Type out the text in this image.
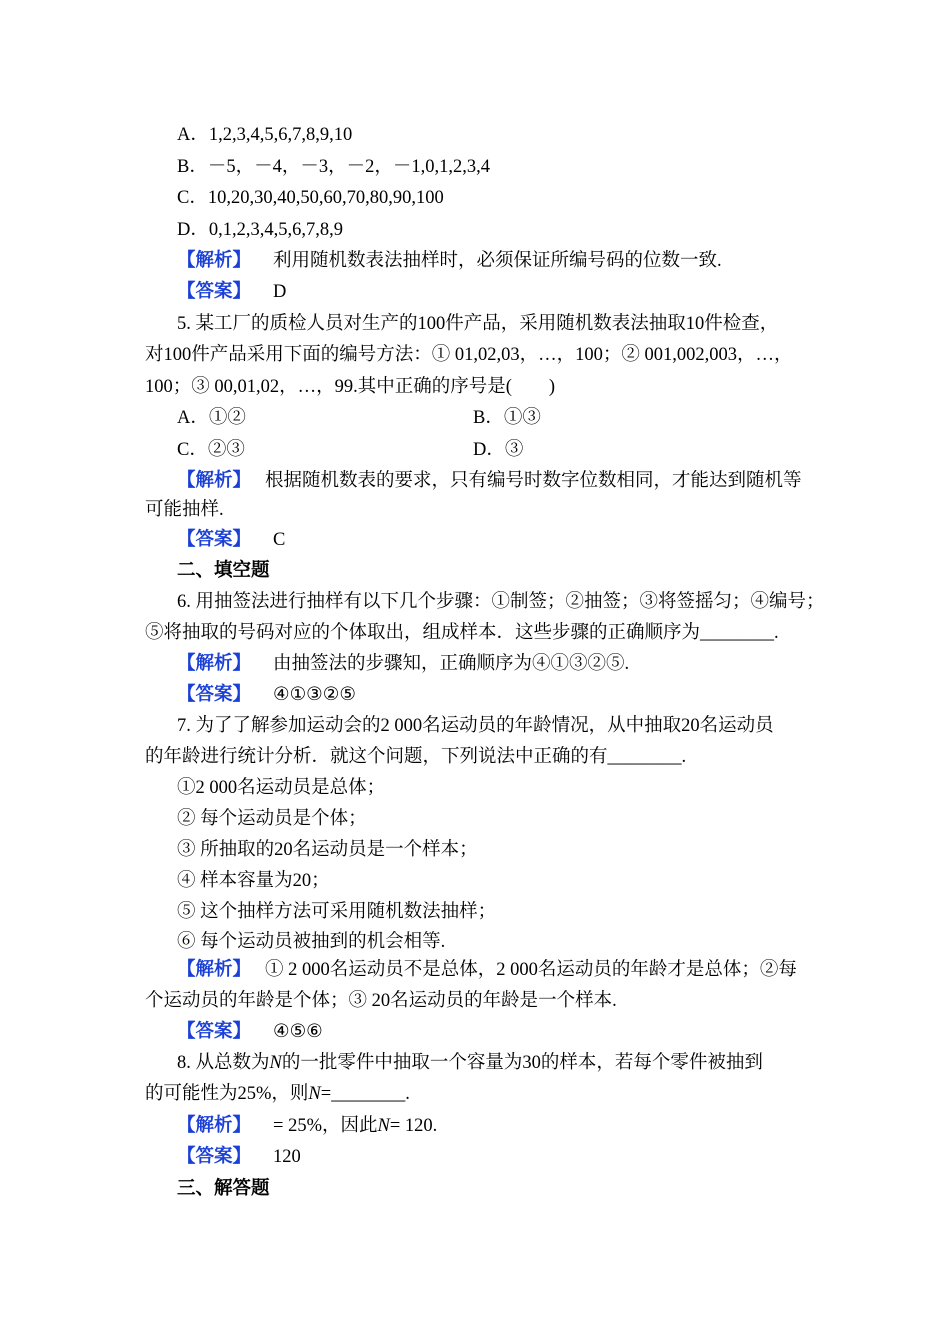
A．1,2,3,4,5,6,7,8,9,10
B．－5，－4，－3，－2，－1,0,1,2,3,4
C．10,20,30,40,50,60,70,80,90,100
D．0,1,2,3,4,5,6,7,8,9
【解析】 利用随机数表法抽样时，必须保证所编号码的位数一致.
【答案】 D
5. 某工厂的质检人员对生产的100件产品，采用随机数表法抽取10件检查，
对100件产品采用下面的编号方法：① 01,02,03，…，100；② 001,002,003，…，
100；③ 00,01,02，…，99.其中正确的序号是(　　)
A．①②	B．①③
C．②③	D．③
【解析】 根据随机数表的要求，只有编号时数字位数相同，才能达到随机等
可能抽样.
【答案】 C
二、填空题
6. 用抽签法进行抽样有以下几个步骤：①制签；②抽签；③将签摇匀；④编号；
⑤将抽取的号码对应的个体取出，组成样本．这些步骤的正确顺序为________.
【解析】 由抽签法的步骤知，正确顺序为④①③②⑤.
【答案】 ④①③②⑤
7. 为了了解参加运动会的2 000名运动员的年龄情况，从中抽取20名运动员
的年龄进行统计分析．就这个问题，下列说法中正确的有________.
①2 000名运动员是总体；
② 每个运动员是个体；
③ 所抽取的20名运动员是一个样本；
④ 样本容量为20；
⑤ 这个抽样方法可采用随机数法抽样；
⑥ 每个运动员被抽到的机会相等.
【解析】 ① 2 000名运动员不是总体，2 000名运动员的年龄才是总体；②每
个运动员的年龄是个体；③ 20名运动员的年龄是一个样本.
【答案】 ④⑤⑥
8. 从总数为N的一批零件中抽取一个容量为30的样本，若每个零件被抽到
的可能性为25%，则N=________.
【解析】 = 25%，因此N= 120.
【答案】 120
三、解答题
